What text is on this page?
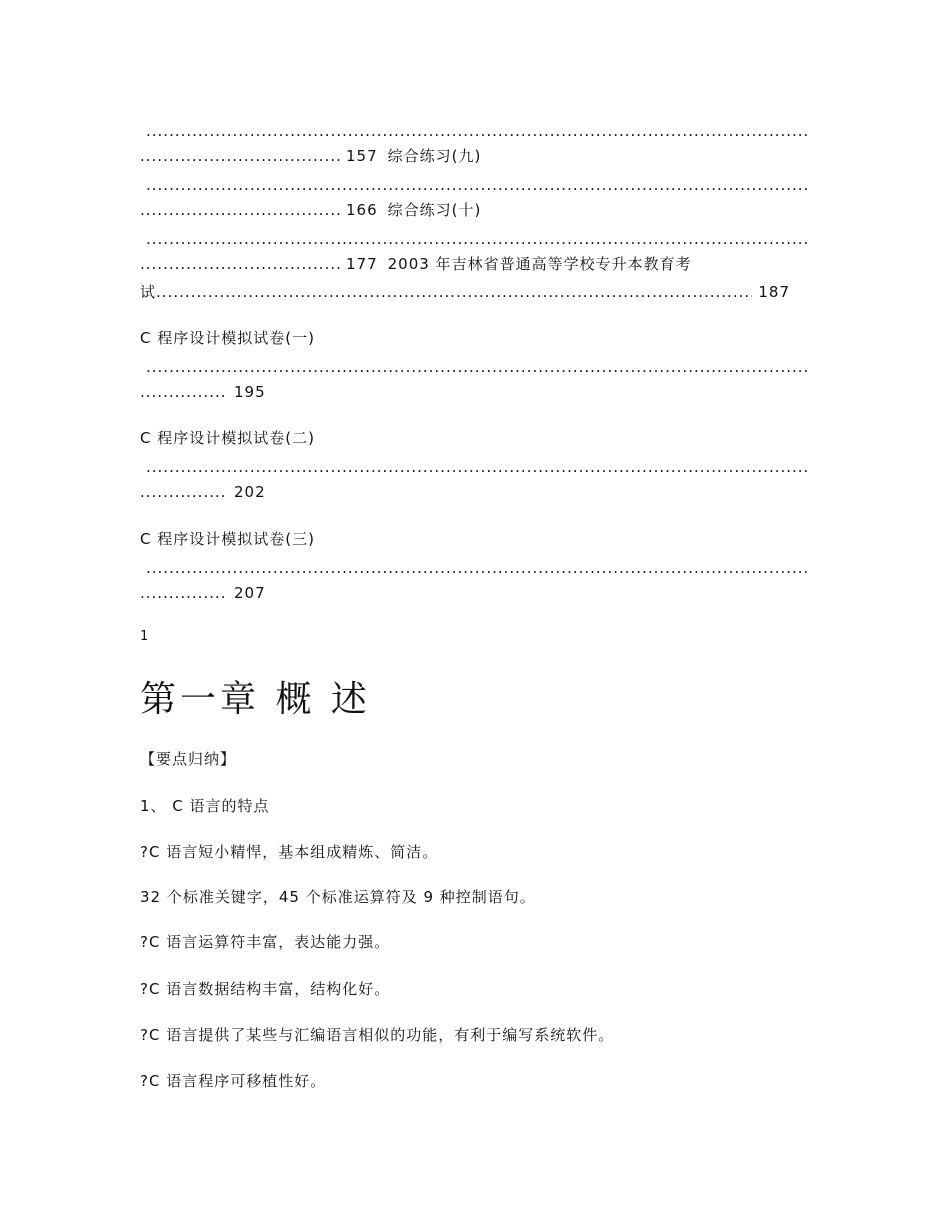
.....
.....
157 综合练习(九)
.....
.....
166 综合练习(十)
.....
.....
177 2003 年吉林省普通高等学校专升本教育考
试
.....	187
C 程序设计模拟试卷(一)
.....
.....
195
C 程序设计模拟试卷(二)
.....
.....
202
C 程序设计模拟试卷(三)
.....
.....
207
1
第一章 概 述
【要点归纳】
1、 C 语言的特点
?C 语言短小精悍，基本组成精炼、简洁。
32 个标准关键字，45 个标准运算符及 9 种控制语句。
?C 语言运算符丰富，表达能力强。
?C 语言数据结构丰富，结构化好。
?C 语言提供了某些与汇编语言相似的功能，有利于编写系统软件。
?C 语言程序可移植性好。
